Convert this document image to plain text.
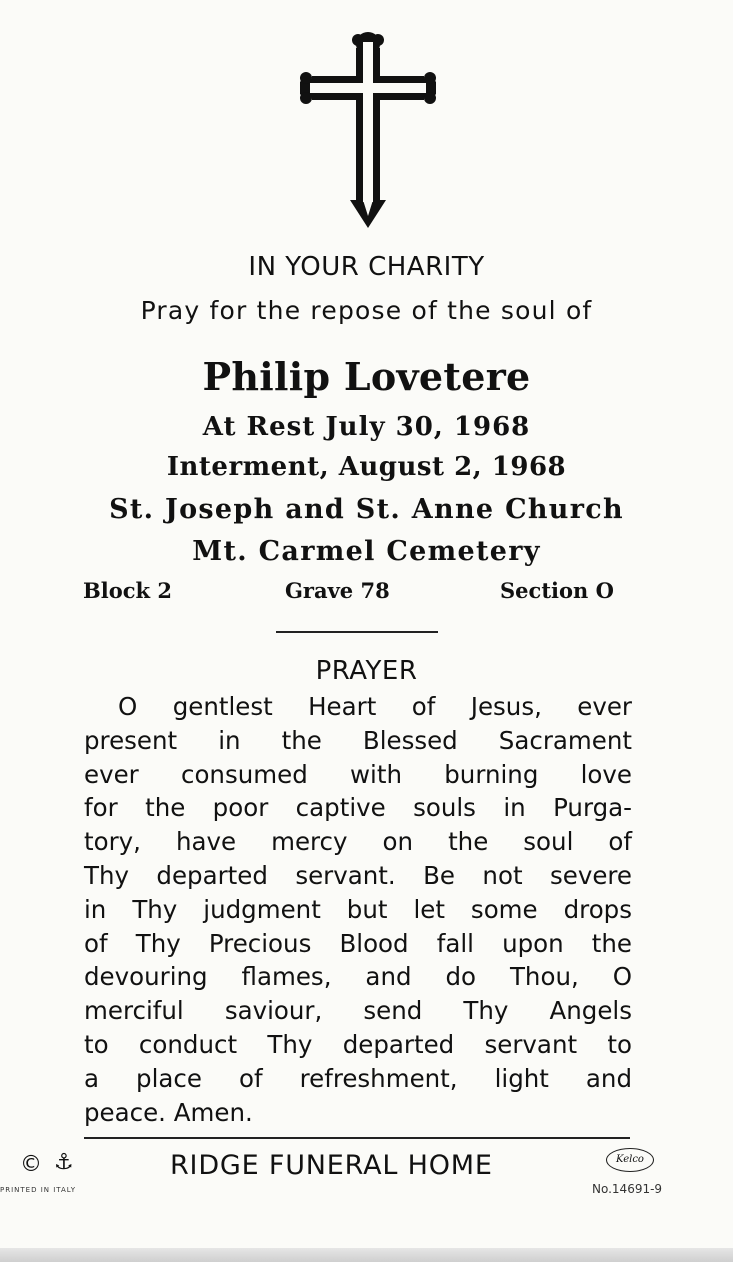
IN YOUR CHARITY
Pray for the repose of the soul of
Philip Lovetere
At Rest July 30, 1968
Interment, August 2, 1968
St. Joseph and St. Anne Church
Mt. Carmel Cemetery
Block 2	Grave 78	Section O
PRAYER
O gentlest Heart of Jesus, ever
present in the Blessed Sacrament
ever consumed with burning love
for the poor captive souls in Purga-
tory, have mercy on the soul of
Thy departed servant. Be not severe
in Thy judgment but let some drops
of Thy Precious Blood fall upon the
devouring flames, and do Thou, O
merciful saviour, send Thy Angels
to conduct Thy departed servant to
a place of refreshment, light and
peace. Amen.
© ⚓
PRINTED IN ITALY
RIDGE FUNERAL HOME	Kelco
No.14691-9
